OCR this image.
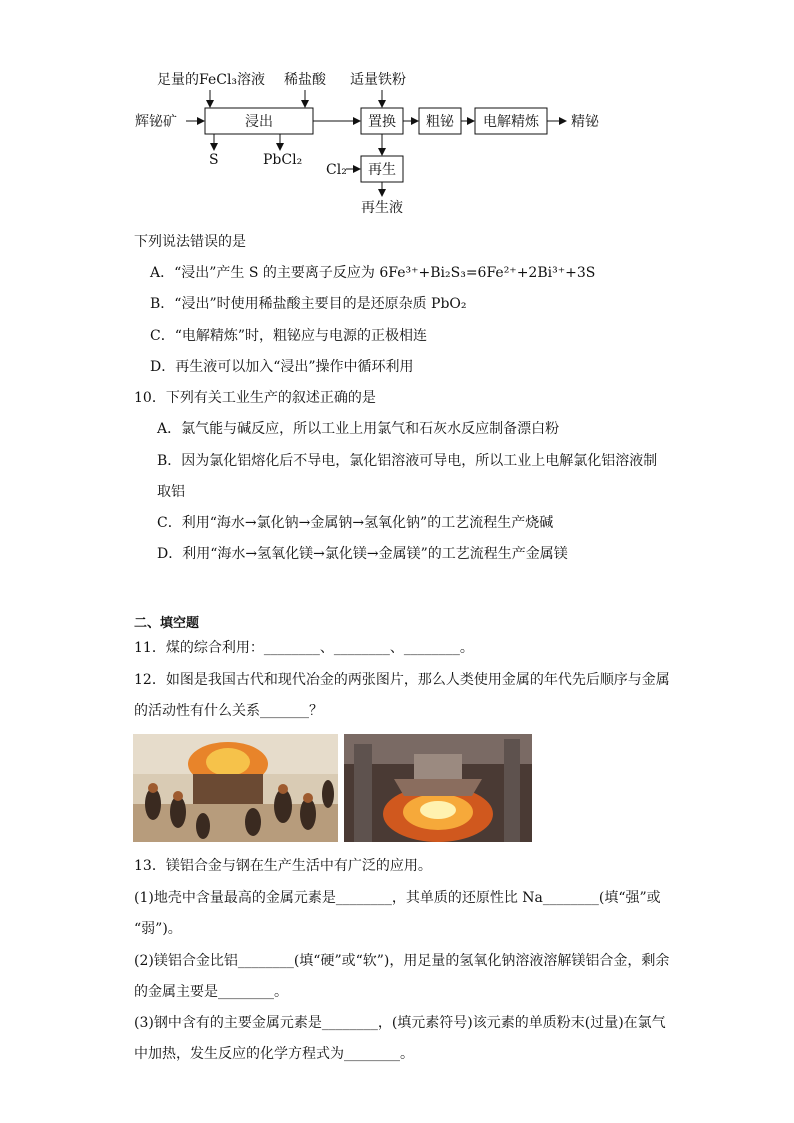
足量的FeCl₃溶液 稀盐酸 适量铁粉
辉铋矿	浸出	置换 粗铋 电解精炼 精铋
S	PbCl₂
再生
Cl₂
再生液
下列说法错误的是
A．“浸出”产生 S 的主要离子反应为 6Fe³⁺+Bi₂S₃=6Fe²⁺+2Bi³⁺+3S
B．“浸出”时使用稀盐酸主要目的是还原杂质 PbO₂
C．“电解精炼”时，粗铋应与电源的正极相连
D．再生液可以加入“浸出”操作中循环利用
10．下列有关工业生产的叙述正确的是
A．氯气能与碱反应，所以工业上用氯气和石灰水反应制备漂白粉
B．因为氯化铝熔化后不导电，氯化铝溶液可导电，所以工业上电解氯化铝溶液制
取铝
C．利用“海水→氯化钠→金属钠→氢氧化钠”的工艺流程生产烧碱
D．利用“海水→氢氧化镁→氯化镁→金属镁”的工艺流程生产金属镁
二、填空题
11．煤的综合利用：________、________、________。
12．如图是我国古代和现代冶金的两张图片，那么人类使用金属的年代先后顺序与金属
的活动性有什么关系_______？
13．镁铝合金与钢在生产生活中有广泛的应用。
(1)地壳中含量最高的金属元素是________，其单质的还原性比 Na________(填“强”或
“弱”)。
(2)镁铝合金比铝________(填“硬”或“软”)，用足量的氢氧化钠溶液溶解镁铝合金，剩余
的金属主要是________。
(3)钢中含有的主要金属元素是________，(填元素符号)该元素的单质粉末(过量)在氯气
中加热，发生反应的化学方程式为________。
